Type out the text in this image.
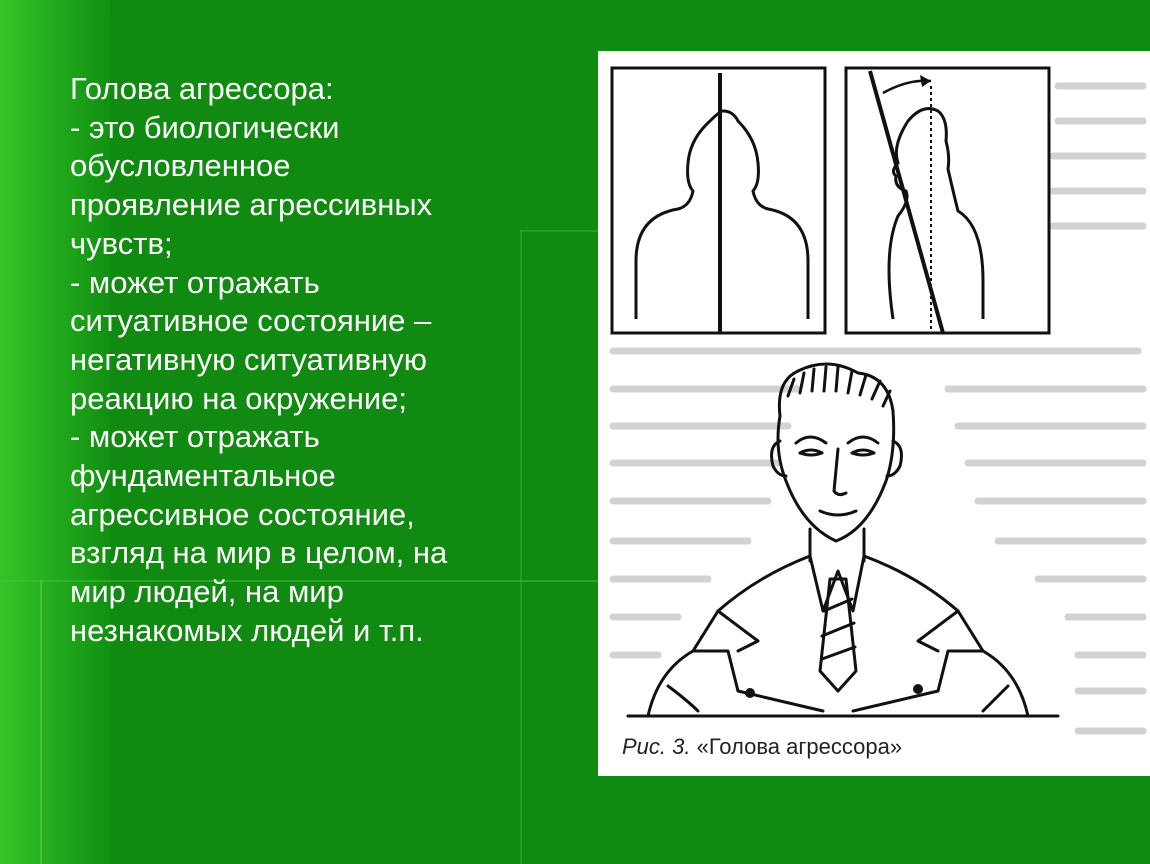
Голова агрессора:
- это биологически
обусловленное
проявление агрессивных
чувств;
- может отражать
ситуативное состояние –
негативную ситуативную
реакцию на окружение;
- может отражать
фундаментальное
агрессивное состояние,
взгляд на мир в целом, на
мир людей, на мир
незнакомых людей и т.п.
Рис. 3. «Голова агрессора»
